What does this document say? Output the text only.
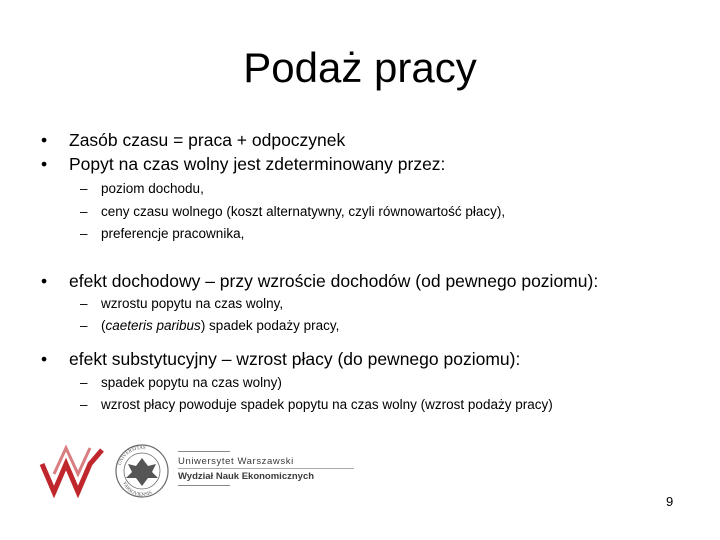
Podaż pracy
• Zasób czasu = praca + odpoczynek
• Popyt na czas wolny jest zdeterminowany przez:
– poziom dochodu,
– ceny czasu wolnego (koszt alternatywny, czyli równowartość płacy),
– preferencje pracownika,
• efekt dochodowy – przy wzroście dochodów (od pewnego poziomu):
– wzrostu popytu na czas wolny,
– (caeteris paribus) spadek podaży pracy,
• efekt substytucyjny – wzrost płacy (do pewnego poziomu):
– spadek popytu na czas wolny)
– wzrost płacy powoduje spadek popytu na czas wolny (wzrost podaży pracy)
UNIVERSITAS
VARSOVIENSIS
Uniwersytet Warszawski
Wydział Nauk Ekonomicznych
9
